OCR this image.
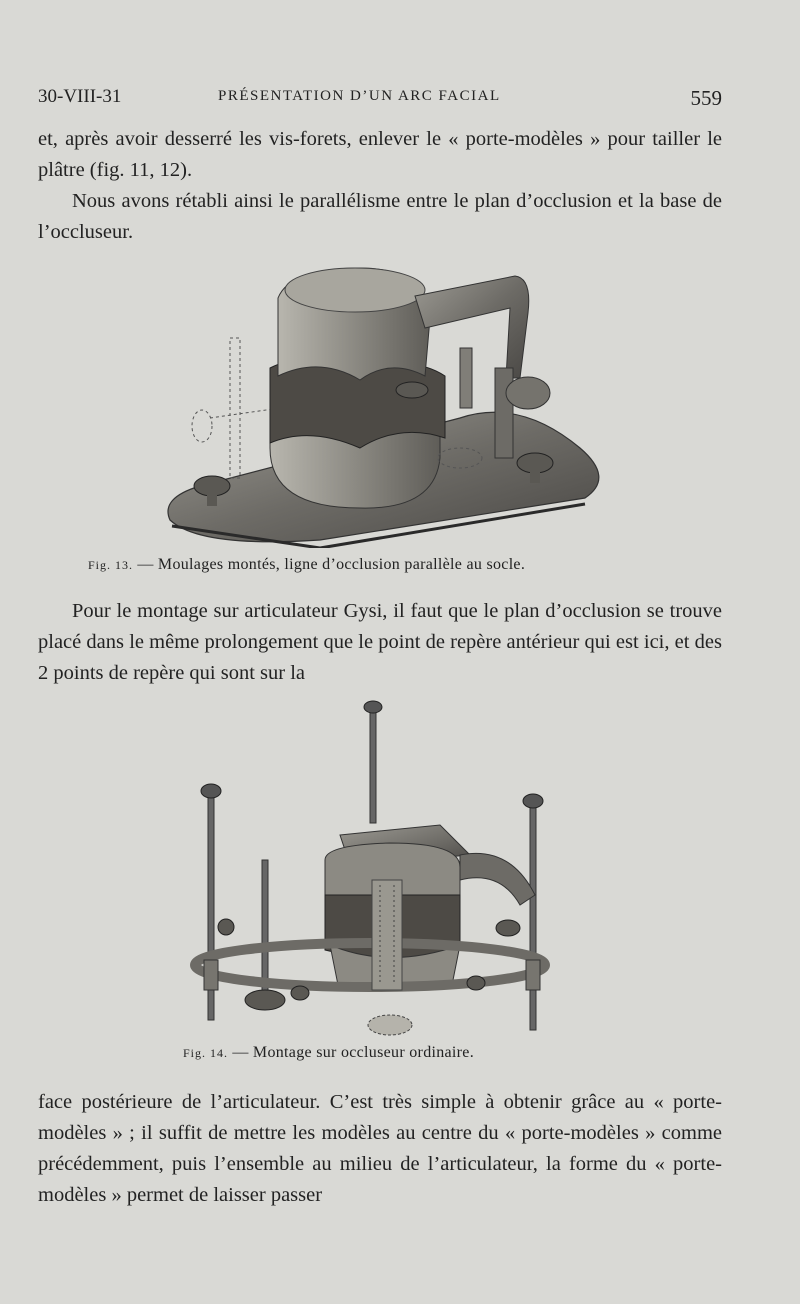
30-VIII-31	PRÉSENTATION D’UN ARC FACIAL	559

et, après avoir desserré les vis-forets, enlever le « porte-modèles » pour tailler le plâtre (fig. 11, 12).

Nous avons rétabli ainsi le parallélisme entre le plan d’occlusion et la base de l’occluseur.

Fig. 13. — Moulages montés, ligne d’occlusion parallèle au socle.

Pour le montage sur articulateur Gysi, il faut que le plan d’occlusion se trouve placé dans le même prolongement que le point de repère antérieur qui est ici, et des 2 points de repère qui sont sur la

Fig. 14. — Montage sur occluseur ordinaire.

face postérieure de l’articulateur. C’est très simple à obtenir grâce au « porte-modèles » ; il suffit de mettre les modèles au centre du « porte-modèles » comme précédemment, puis l’ensemble au milieu de l’articulateur, la forme du « porte-modèles » permet de laisser passer
